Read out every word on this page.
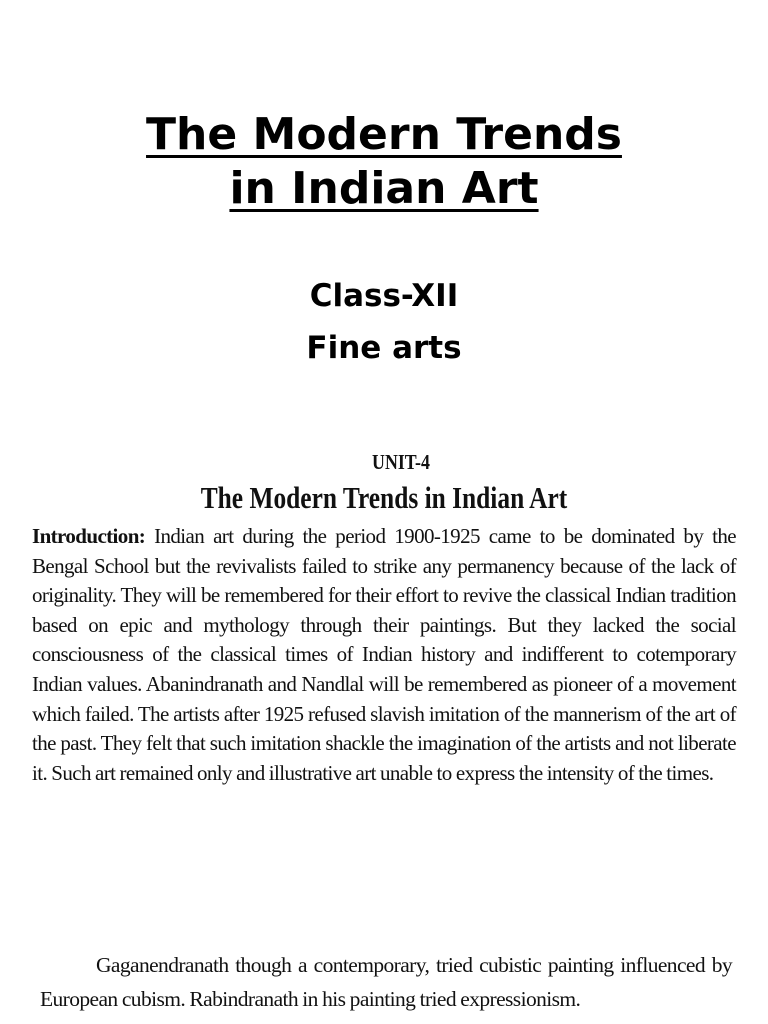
The Modern Trends
in Indian Art
Class-XII
Fine arts
UNIT-4
The Modern Trends in Indian Art
Introduction: Indian art during the period 1900-1925 came to be dominated by the Bengal School but the revivalists failed to strike any permanency because of the lack of originality. They will be remembered for their effort to revive the classical Indian tradition based on epic and mythology through their paintings. But they lacked the social consciousness of the classical times of Indian history and indifferent to cotemporary Indian values. Abanindranath and Nandlal will be remembered as pioneer of a movement which failed. The artists after 1925 refused slavish imitation of the mannerism of the art of the past. They felt that such imitation shackle the imagination of the artists and not liberate it. Such art remained only and illustrative art unable to express the intensity of the times.
Gaganendranath though a contemporary, tried cubistic painting influenced by European cubism. Rabindranath in his painting tried expressionism.
